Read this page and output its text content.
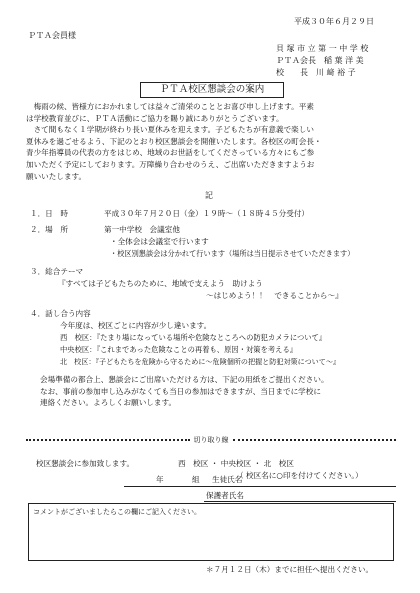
平成３０年６月２９日
ＰＴＡ会員様
貝 塚 市 立 第 一 中 学 校
ＰＴＡ会長　稲 葉 洋 美
校　　長　川 﨑 裕 子
ＰＴＡ校区懇談会の案内
　梅雨の候、皆様方におかれましては益々ご清栄のこととお喜び申し上げます。平素
は学校教育並びに、ＰＴＡ活動にご協力を賜り誠にありがとうございます。
　さて間もなく１学期が終わり長い夏休みを迎えます。子どもたちが有意義で楽しい
夏休みを過ごせるよう、下記のとおり校区懇談会を開催いたします。各校区の町会長・
青少年指導員の代表の方をはじめ、地域のお世話をしてくださっている方々にもご参
加いただく予定にしております。万障繰り合わせのうえ、ご出席いただきますようお
願いいたします。
記
１．日　時	平成３０年７月２０日（金）１９時～（１８時４５分受付）
２．場　所	第一中学校　会議室他
・全体会は会議室で行います
・校区別懇談会は分かれて行います（場所は当日提示させていただきます）
３．総合テーマ
『すべては子どもたちのために、地域で支えよう　助けよう
～はじめよう！！　できることから～』
４．話し合う内容
今年度は、校区ごとに内容が少し違います。
西　校区：『たまり場になっている場所や危険なところへの防犯カメラについて』
中央校区：『これまであった危険なことの再着も、原因・対策を考える』
北　校区：『子どもたちを危険から守るために～危険個所の把握と防犯対策について～』
会場準備の都合上、懇談会にご出席いただける方は、下記の用紙をご提出ください。
なお、事前の参加申し込みがなくても当日の参加はできますが、当日までに学校に
連絡ください。よろしくお願いします。
切り取り線
校区懇談会に参加致します。	西　校区 ・ 中央校区 ・ 北　校区
（ 校区名に○印を付けてください。）
年	組 生徒氏名
保護者氏名
コメントがございましたらこの欄にご記入ください。
＊７月１２日（木）までに担任へ提出ください。
